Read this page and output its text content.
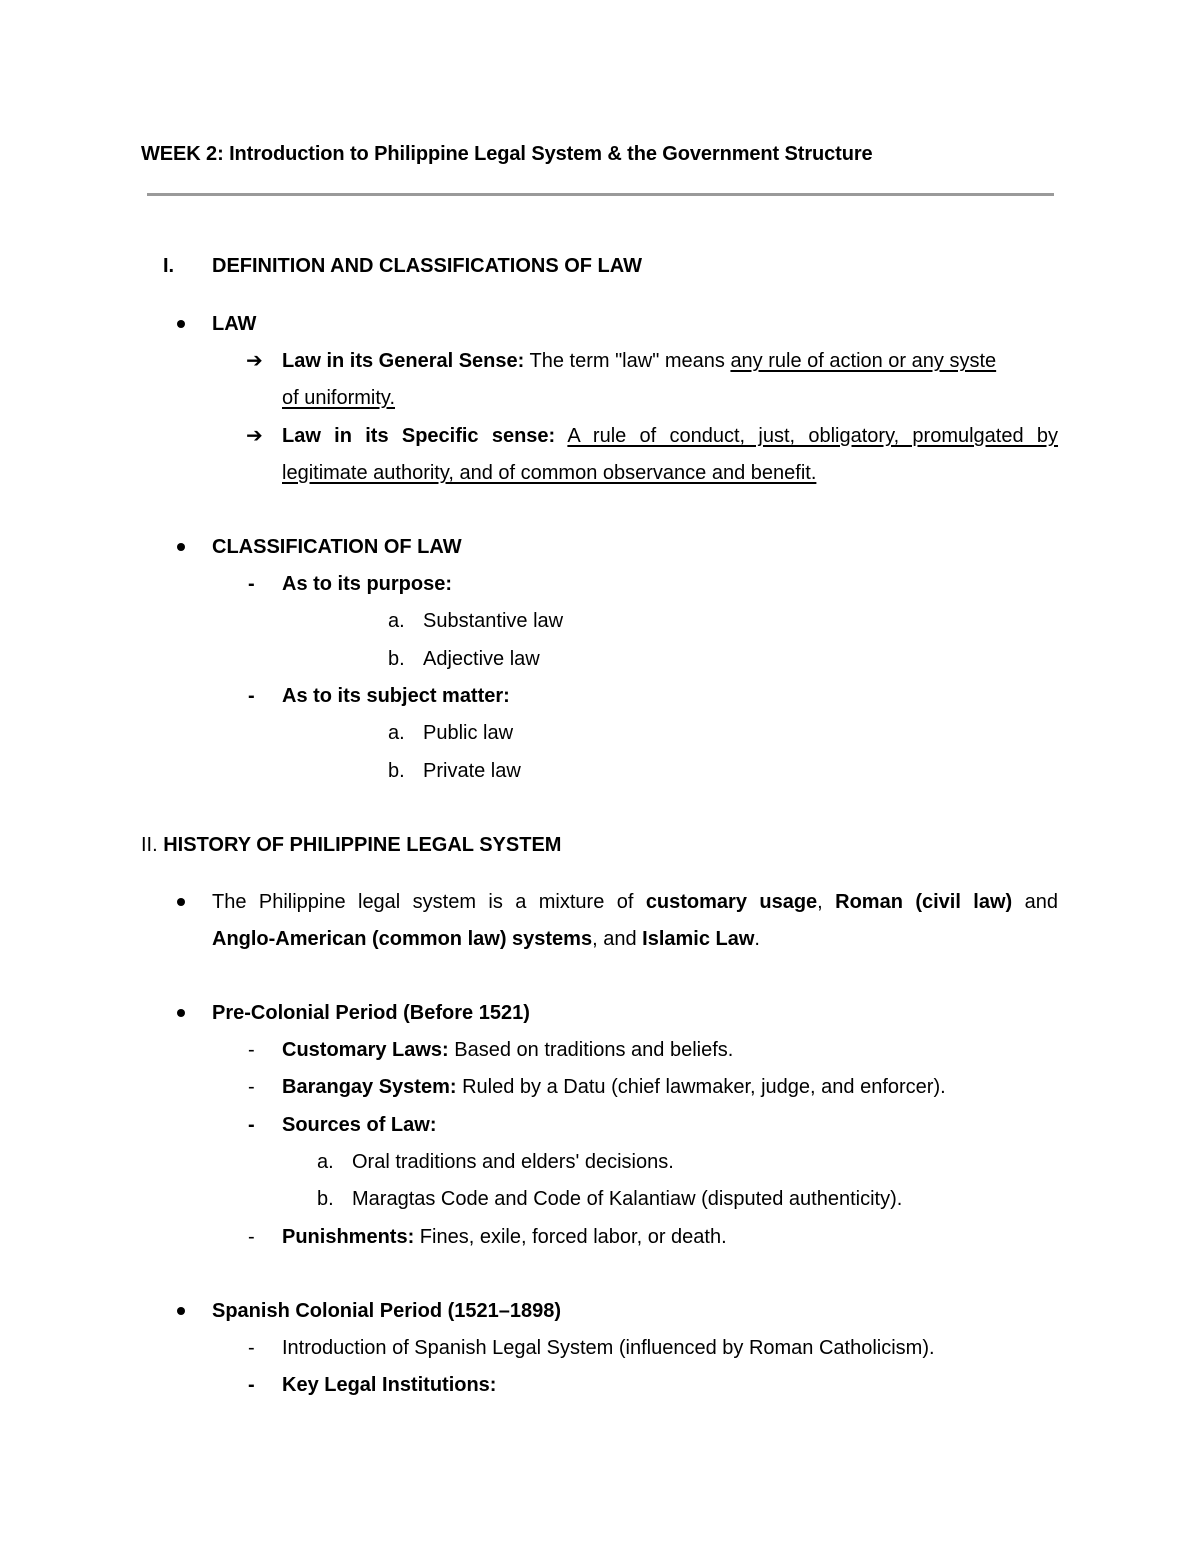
WEEK 2: Introduction to Philippine Legal System & the Government Structure
I. DEFINITION AND CLASSIFICATIONS OF LAW
LAW
➔ Law in its General Sense: The term "law" means any rule of action or any syste
of uniformity.
➔ Law in its Specific sense: A rule of conduct, just, obligatory, promulgated by
legitimate authority, and of common observance and benefit.
CLASSIFICATION OF LAW
- As to its purpose:
a. Substantive law
b. Adjective law
- As to its subject matter:
a. Public law
b. Private law
II. HISTORY OF PHILIPPINE LEGAL SYSTEM
The Philippine legal system is a mixture of customary usage, Roman (civil law) and
Anglo-American (common law) systems, and Islamic Law.
Pre-Colonial Period (Before 1521)
- Customary Laws: Based on traditions and beliefs.
- Barangay System: Ruled by a Datu (chief lawmaker, judge, and enforcer).
- Sources of Law:
a. Oral traditions and elders' decisions.
b. Maragtas Code and Code of Kalantiaw (disputed authenticity).
- Punishments: Fines, exile, forced labor, or death.
Spanish Colonial Period (1521–1898)
- Introduction of Spanish Legal System (influenced by Roman Catholicism).
- Key Legal Institutions:
